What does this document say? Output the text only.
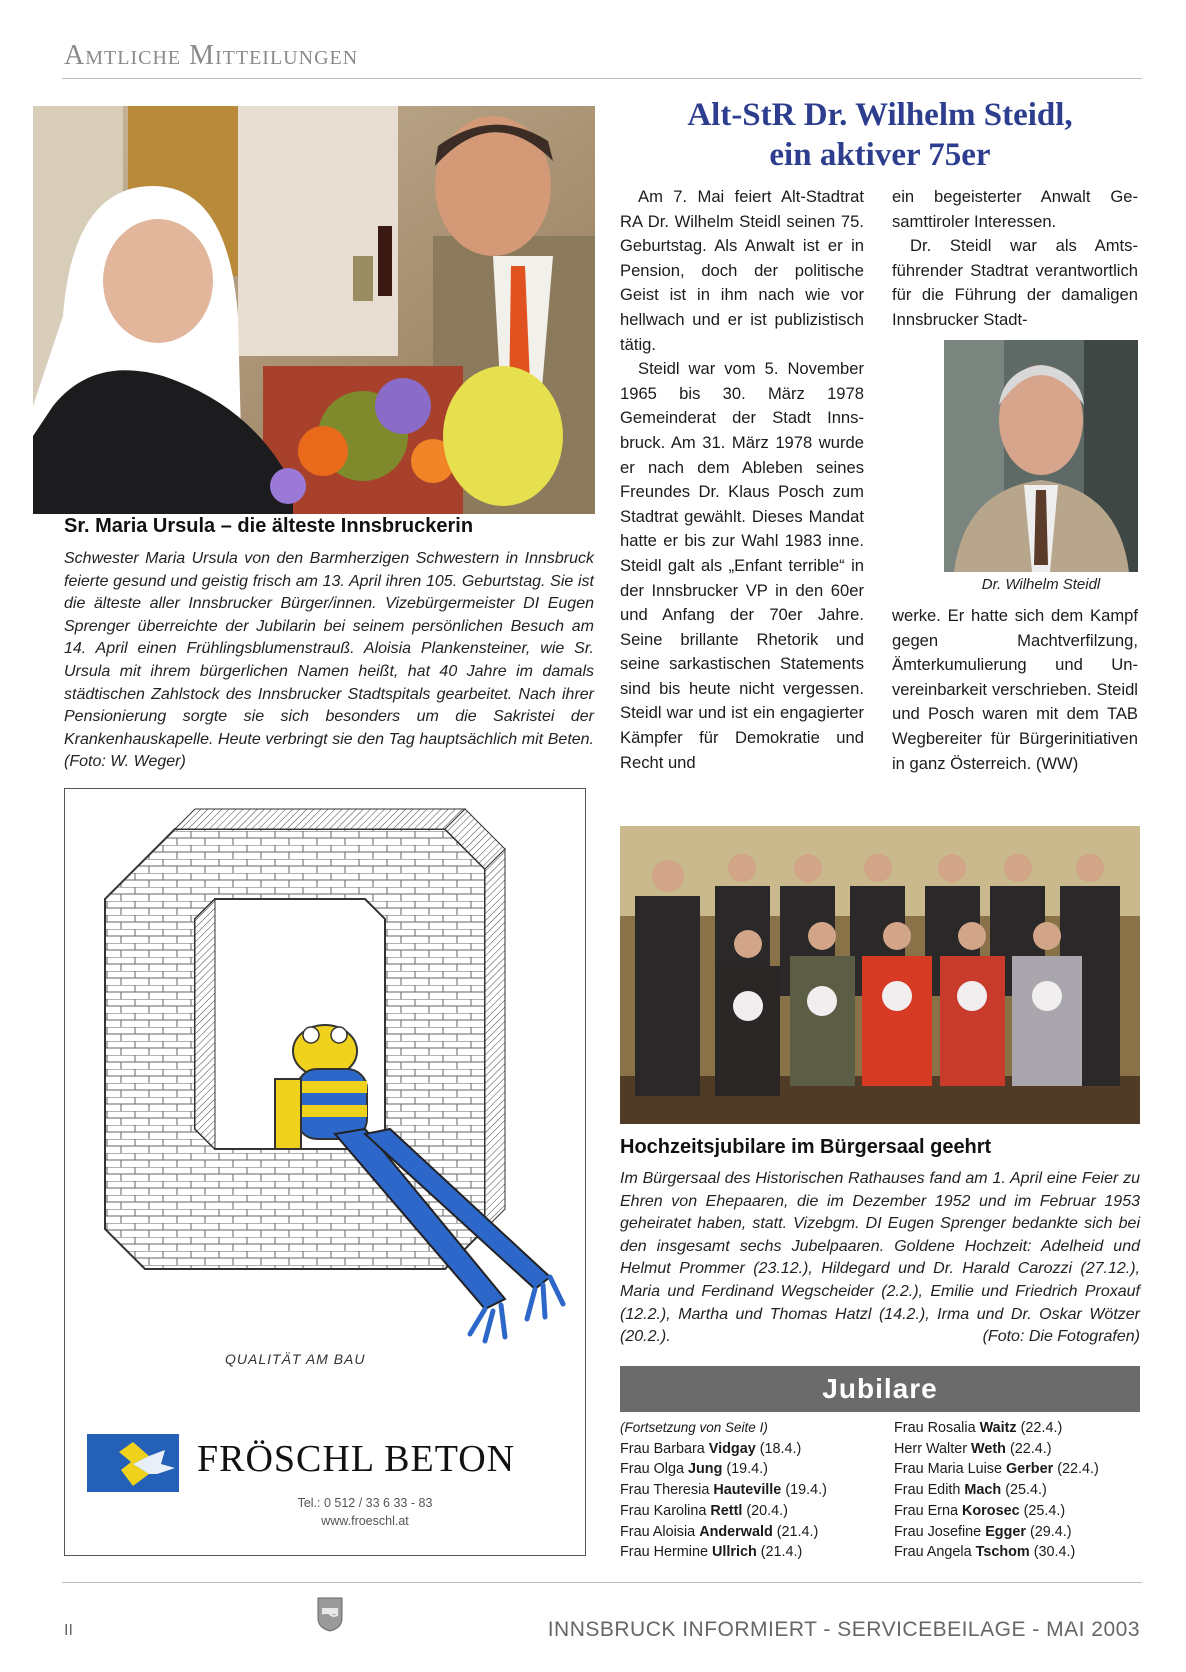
Amtliche Mitteilungen
Sr. Maria Ursula – die älteste Innsbruckerin
Schwester Maria Ursula von den Barmherzigen Schwestern in Innsbruck feierte gesund und geistig frisch am 13. April ihren 105. Geburtstag. Sie ist die älteste aller Innsbrucker Bürger/innen. Vizebürgermeister DI Eugen Sprenger überreichte der Jubilarin bei seinem persönlichen Besuch am 14. April einen Frühlingsblumenstrauß. Aloisia Plankensteiner, wie Sr. Ursula mit ihrem bürgerlichen Namen heißt, hat 40 Jahre im damals städtischen Zahlstock des Innsbrucker Stadtspitals gearbeitet. Nach ihrer Pensionierung sorgte sie sich besonders um die Sakristei der Krankenhauskapelle. Heute verbringt sie den Tag hauptsächlich mit Beten. (Foto: W. Weger)
Alt-StR Dr. Wilhelm Steidl,
ein aktiver 75er

Am 7. Mai feiert Alt-Stadtrat RA Dr. Wilhelm Steidl seinen 75. Geburtstag. Als Anwalt ist er in Pension, doch der politische Geist ist in ihm nach wie vor hellwach und er ist publizistisch tätig.

Steidl war vom 5. November 1965 bis 30. März 1978 Gemeinderat der Stadt Innsbruck. Am 31. März 1978 wurde er nach dem Ableben seines Freundes Dr. Klaus Posch zum Stadtrat gewählt. Dieses Mandat hatte er bis zur Wahl 1983 inne. Steidl galt als „Enfant terrible“ in der Innsbrucker VP in den 60er und Anfang der 70er Jahre. Seine brillante Rhetorik und seine sarkastischen Statements sind bis heute nicht vergessen. Steidl war und ist ein engagierter Kämpfer für Demokratie und Recht und

ein begeisterter Anwalt Gesamttiroler Interessen.

Dr. Steidl war als Amtsführender Stadtrat verantwortlich für die Führung der damaligen Innsbrucker Stadt-

Dr. Wilhelm Steidl

werke. Er hatte sich dem Kampf gegen Machtverfilzung, Ämterkumulierung und Unvereinbarkeit verschrieben. Steidl und Posch waren mit dem TAB Wegbereiter für Bürgerinitiativen in ganz Österreich. (WW)

Hochzeitsjubilare im Bürgersaal geehrt
Im Bürgersaal des Historischen Rathauses fand am 1. April eine Feier zu Ehren von Ehepaaren, die im Dezember 1952 und im Februar 1953 geheiratet haben, statt. Vizebgm. DI Eugen Sprenger bedankte sich bei den insgesamt sechs Jubelpaaren. Goldene Hochzeit: Adelheid und Helmut Prommer (23.12.), Hildegard und Dr. Harald Carozzi (27.12.), Maria und Ferdinand Wegscheider (2.2.), Emilie und Friedrich Proxauf (12.2.), Martha und Thomas Hatzl (14.2.), Irma und Dr. Oskar Wötzer (20.2.).	(Foto: Die Fotografen)
QUALITÄT AM BAU
FRÖSCHL BETON
Tel.: 0 512 / 33 6 33 - 83
www.froeschl.at
Jubilare
(Fortsetzung von Seite I)
Frau Barbara Vidgay (18.4.)
Frau Olga Jung (19.4.)
Frau Theresia Hauteville (19.4.)
Frau Karolina Rettl (20.4.)
Frau Aloisia Anderwald (21.4.)
Frau Hermine Ullrich (21.4.)
Frau Rosalia Waitz (22.4.)
Herr Walter Weth (22.4.)
Frau Maria Luise Gerber (22.4.)
Frau Edith Mach (25.4.)
Frau Erna Korosec (25.4.)
Frau Josefine Egger (29.4.)
Frau Angela Tschom (30.4.)
II	INNSBRUCK INFORMIERT - SERVICEBEILAGE - MAI 2003
